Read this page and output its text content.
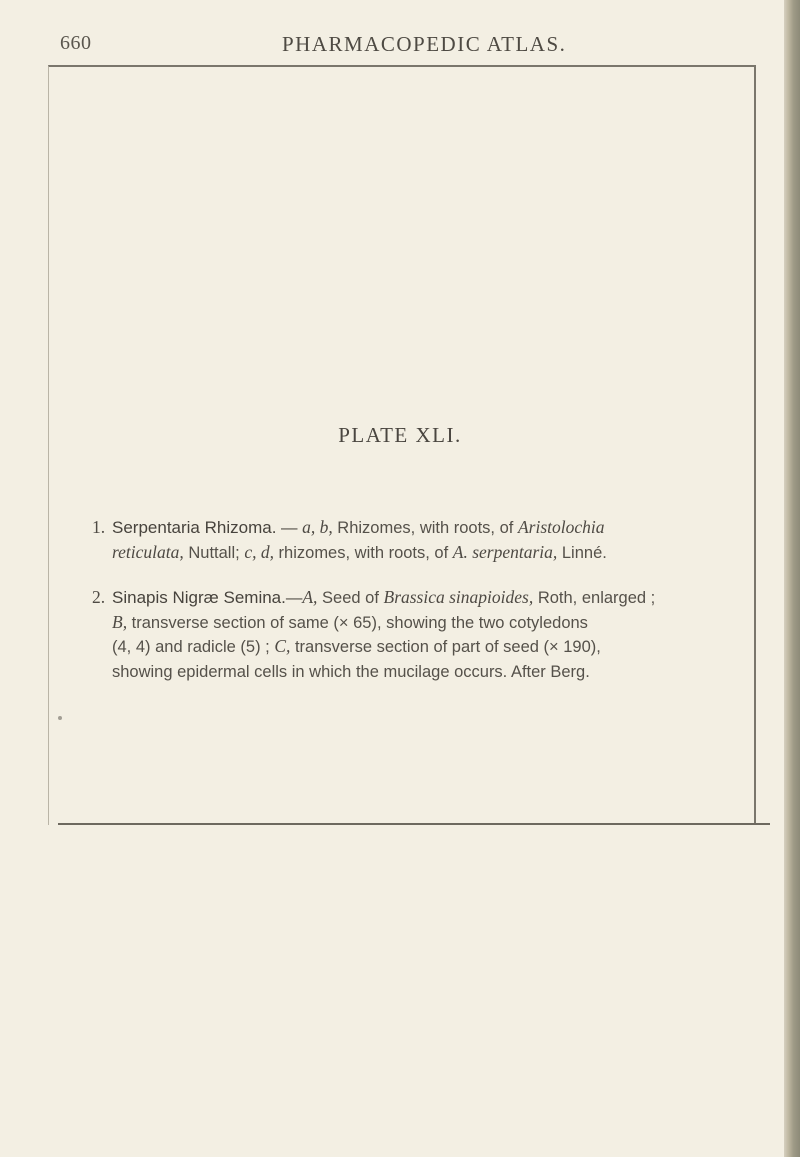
660	PHARMACOPEDIC ATLAS.
PLATE XLI.
1. Serpentaria Rhizoma. — a, b, Rhizomes, with roots, of Aristolochia
reticulata, Nuttall; c, d, rhizomes, with roots, of A. serpentaria, Linné.
2. Sinapis Nigræ Semina.—A, Seed of Brassica sinapioides, Roth, enlarged ;
B, transverse section of same (× 65), showing the two cotyledons
(4, 4) and radicle (5) ; C, transverse section of part of seed (× 190),
showing epidermal cells in which the mucilage occurs. After Berg.
